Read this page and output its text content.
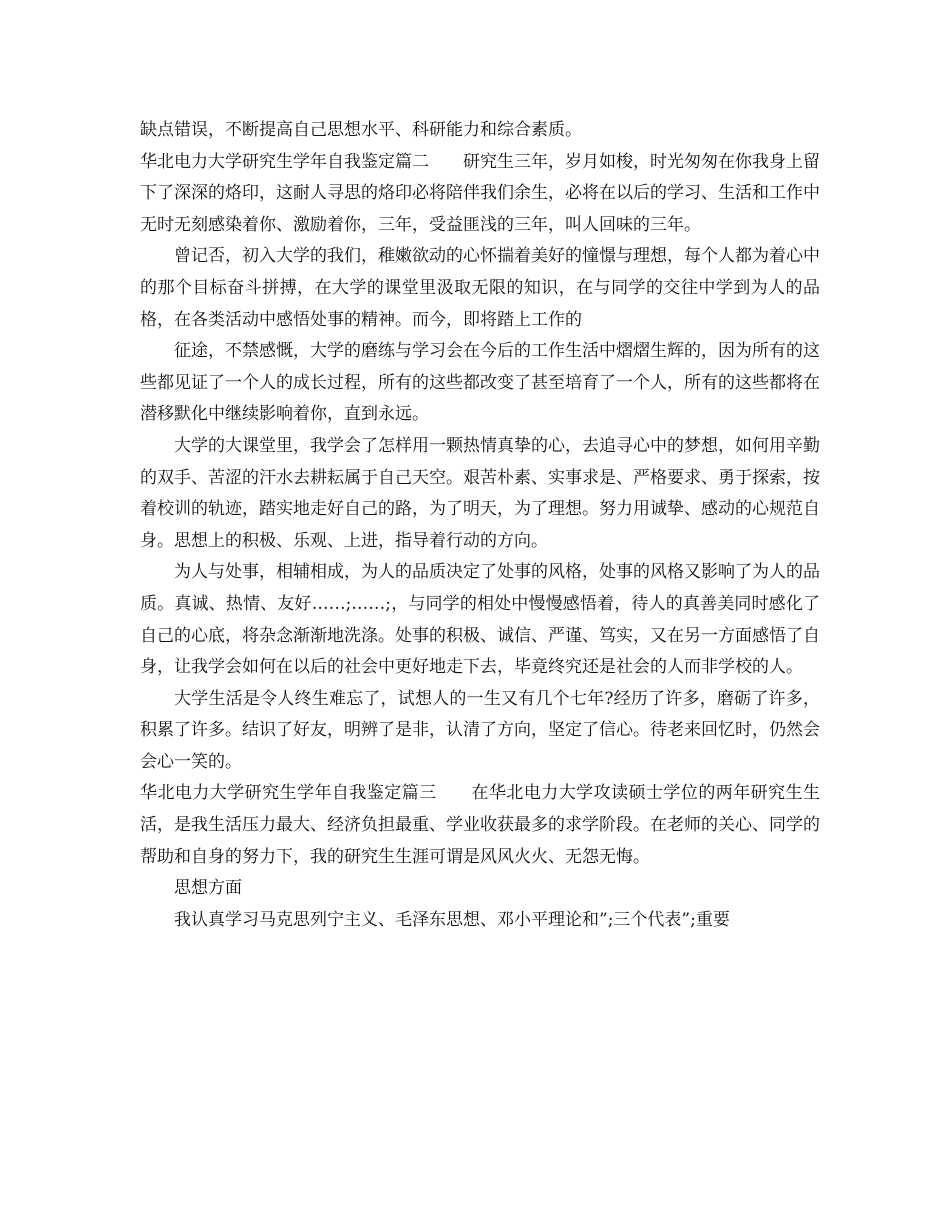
缺点错误，不断提高自己思想水平、科研能力和综合素质。

华北电力大学研究生学年自我鉴定篇二　　研究生三年，岁月如梭，时光匆匆在你我身上留下了深深的烙印，这耐人寻思的烙印必将陪伴我们余生，必将在以后的学习、生活和工作中无时无刻感染着你、激励着你，三年，受益匪浅的三年，叫人回味的三年。

曾记否，初入大学的我们，稚嫩欲动的心怀揣着美好的憧憬与理想，每个人都为着心中的那个目标奋斗拼搏，在大学的课堂里汲取无限的知识，在与同学的交往中学到为人的品格，在各类活动中感悟处事的精神。而今，即将踏上工作的

征途，不禁感慨，大学的磨练与学习会在今后的工作生活中熠熠生辉的，因为所有的这些都见证了一个人的成长过程，所有的这些都改变了甚至培育了一个人，所有的这些都将在潜移默化中继续影响着你，直到永远。

大学的大课堂里，我学会了怎样用一颗热情真挚的心，去追寻心中的梦想，如何用辛勤的双手、苦涩的汗水去耕耘属于自己天空。艰苦朴素、实事求是、严格要求、勇于探索，按着校训的轨迹，踏实地走好自己的路，为了明天，为了理想。努力用诚挚、感动的心规范自身。思想上的积极、乐观、上进，指导着行动的方向。

为人与处事，相辅相成，为人的品质决定了处事的风格，处事的风格又影响了为人的品质。真诚、热情、友好……;……;，与同学的相处中慢慢感悟着，待人的真善美同时感化了自己的心底，将杂念渐渐地洗涤。处事的积极、诚信、严谨、笃实，又在另一方面感悟了自身，让我学会如何在以后的社会中更好地走下去，毕竟终究还是社会的人而非学校的人。

大学生活是令人终生难忘了，试想人的一生又有几个七年?经历了许多，磨砺了许多，积累了许多。结识了好友，明辨了是非，认清了方向，坚定了信心。待老来回忆时，仍然会会心一笑的。

华北电力大学研究生学年自我鉴定篇三　　在华北电力大学攻读硕士学位的两年研究生生活，是我生活压力最大、经济负担最重、学业收获最多的求学阶段。在老师的关心、同学的帮助和自身的努力下，我的研究生生涯可谓是风风火火、无怨无悔。

思想方面

我认真学习马克思列宁主义、毛泽东思想、邓小平理论和”;三个代表”;重要
